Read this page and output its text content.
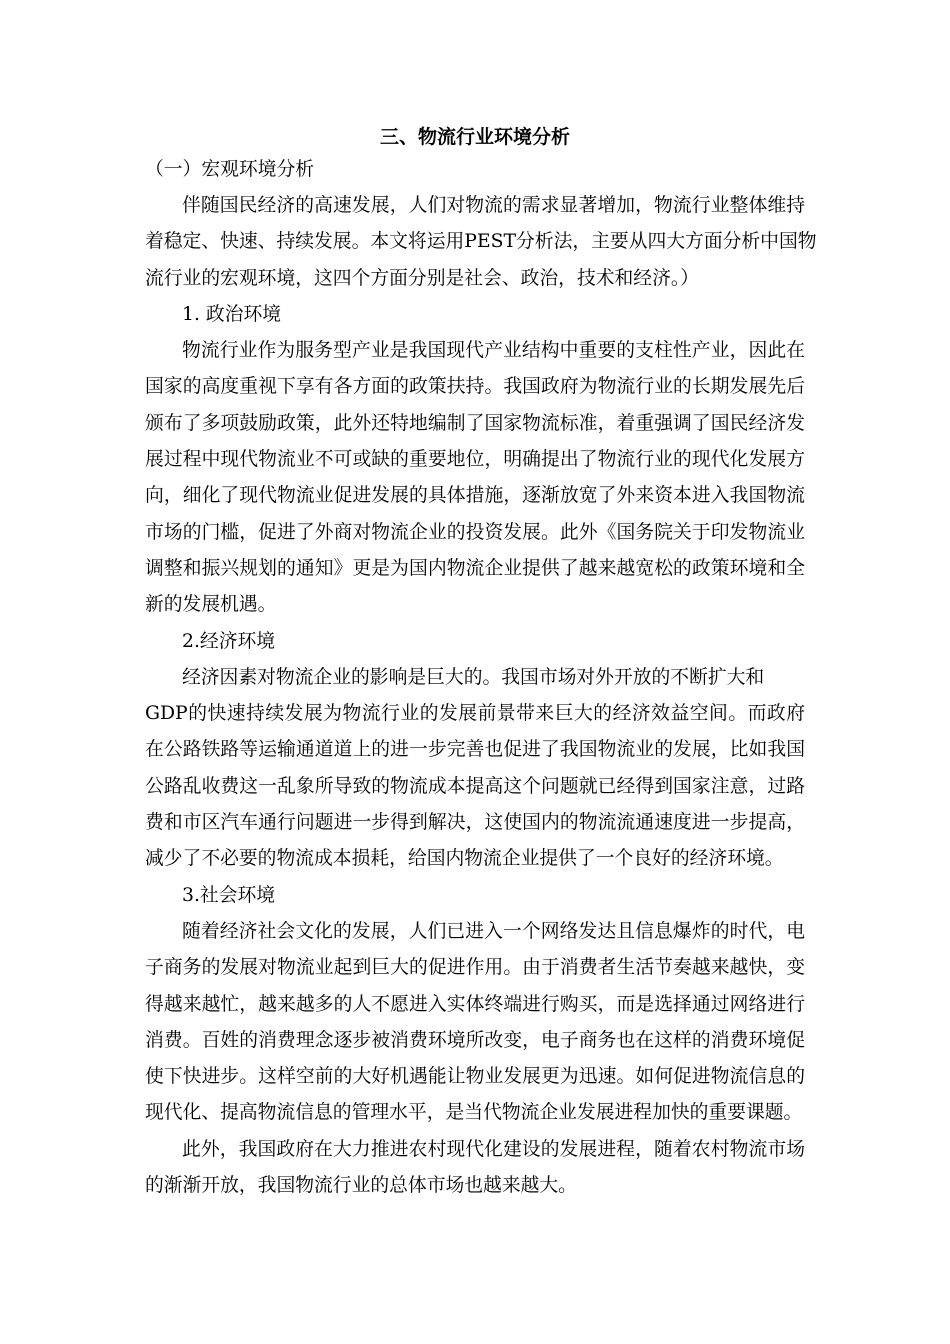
三、物流行业环境分析
（一）宏观环境分析
伴随国民经济的高速发展，人们对物流的需求显著增加，物流行业整体维持
着稳定、快速、持续发展。本文将运用PEST分析法，主要从四大方面分析中国物
流行业的宏观环境，这四个方面分别是社会、政治，技术和经济。）
1. 政治环境
物流行业作为服务型产业是我国现代产业结构中重要的支柱性产业，因此在
国家的高度重视下享有各方面的政策扶持。我国政府为物流行业的长期发展先后
颁布了多项鼓励政策，此外还特地编制了国家物流标准，着重强调了国民经济发
展过程中现代物流业不可或缺的重要地位，明确提出了物流行业的现代化发展方
向，细化了现代物流业促进发展的具体措施，逐渐放宽了外来资本进入我国物流
市场的门槛，促进了外商对物流企业的投资发展。此外《国务院关于印发物流业
调整和振兴规划的通知》更是为国内物流企业提供了越来越宽松的政策环境和全
新的发展机遇。
2.经济环境
经济因素对物流企业的影响是巨大的。我国市场对外开放的不断扩大和
GDP的快速持续发展为物流行业的发展前景带来巨大的经济效益空间。而政府
在公路铁路等运输通道道上的进一步完善也促进了我国物流业的发展，比如我国
公路乱收费这一乱象所导致的物流成本提高这个问题就已经得到国家注意，过路
费和市区汽车通行问题进一步得到解决，这使国内的物流流通速度进一步提高，
减少了不必要的物流成本损耗，给国内物流企业提供了一个良好的经济环境。
3.社会环境
随着经济社会文化的发展，人们已进入一个网络发达且信息爆炸的时代，电
子商务的发展对物流业起到巨大的促进作用。由于消费者生活节奏越来越快，变
得越来越忙，越来越多的人不愿进入实体终端进行购买，而是选择通过网络进行
消费。百姓的消费理念逐步被消费环境所改变，电子商务也在这样的消费环境促
使下快进步。这样空前的大好机遇能让物业发展更为迅速。如何促进物流信息的
现代化、提高物流信息的管理水平，是当代物流企业发展进程加快的重要课题。
此外，我国政府在大力推进农村现代化建设的发展进程，随着农村物流市场
的渐渐开放，我国物流行业的总体市场也越来越大。
